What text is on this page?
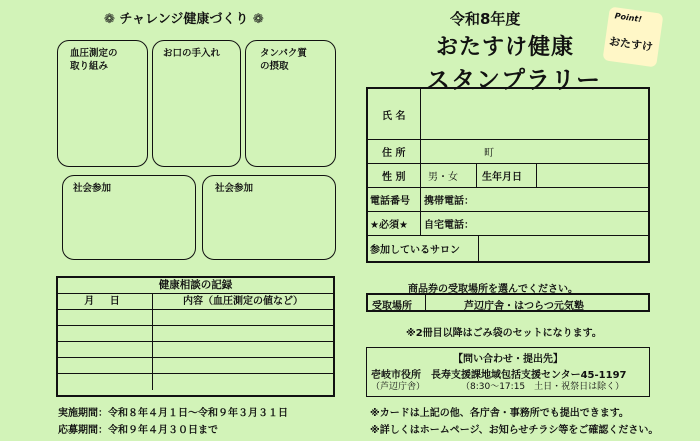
❁ チャレンジ健康づくり ❁
血圧測定の
取り組み
お口の手入れ	タンパク質
の摂取
社会参加	社会参加
健康相談の記録
月 日	内容（血圧測定の値など）
実施期間：令和８年４月１日～令和９年３月３１日
応募期間：令和９年４月３０日まで
令和8年度
おたすけ健康
スタンプラリー
Point!
おたすけ
氏 名
住 所	町
性 別 男・女 生年月日
電話番号 携帯電話：
★必須★ 自宅電話：
参加しているサロン
商品券の受取場所を選んでください。
受取場所	芦辺庁舎・はつらつ元気塾
※2冊目以降はごみ袋のセットになります。
【問い合わせ・提出先】
壱岐市役所　長寿支援課地域包括支援センター45-1197
（芦辺庁舎）　　　　　（8:30～17:15　土日・祝祭日は除く）
※カードは上記の他、各庁舎・事務所でも提出できます。
※詳しくはホームページ、お知らせチラシ等をご確認ください。
